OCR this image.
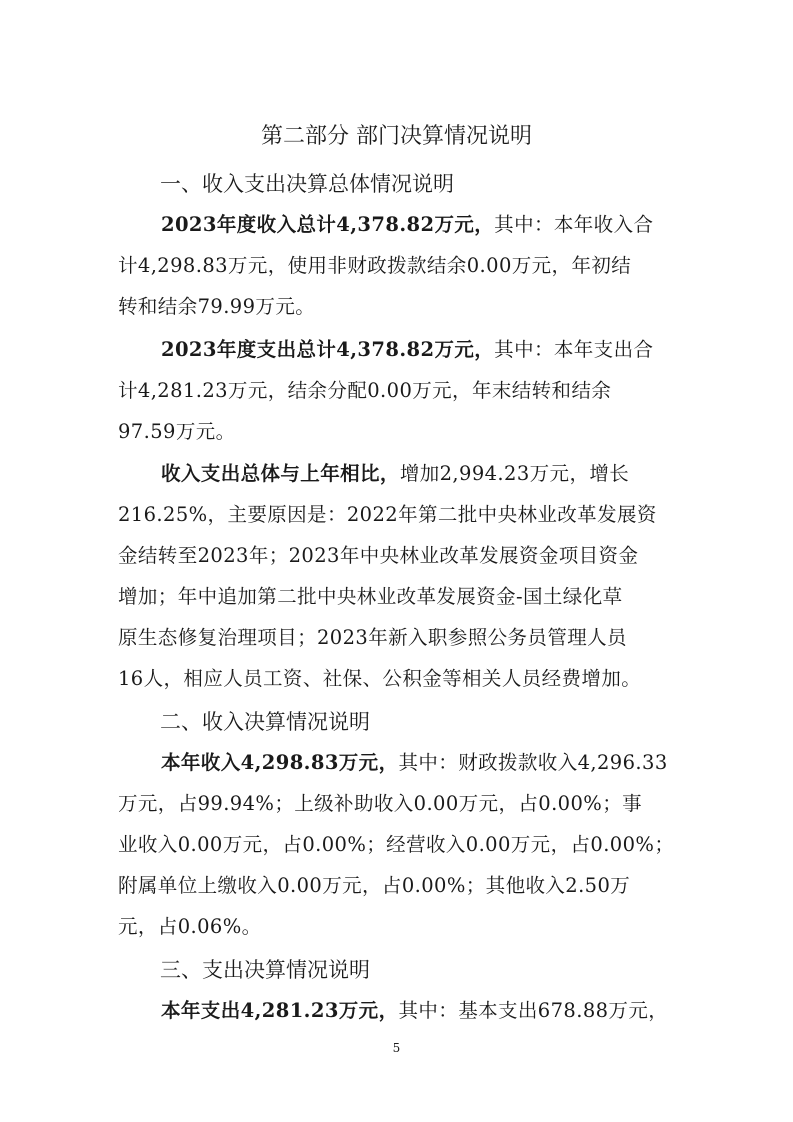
第二部分 部门决算情况说明
一、收入支出决算总体情况说明
2023年度收入总计4,378.82万元，其中：本年收入合
计4,298.83万元，使用非财政拨款结余0.00万元，年初结
转和结余79.99万元。
2023年度支出总计4,378.82万元，其中：本年支出合
计4,281.23万元，结余分配0.00万元，年末结转和结余
97.59万元。
收入支出总体与上年相比，增加2,994.23万元，增长
216.25%，主要原因是：2022年第二批中央林业改革发展资
金结转至2023年；2023年中央林业改革发展资金项目资金
增加；年中追加第二批中央林业改革发展资金-国土绿化草
原生态修复治理项目；2023年新入职参照公务员管理人员
16人，相应人员工资、社保、公积金等相关人员经费增加。
二、收入决算情况说明
本年收入4,298.83万元，其中：财政拨款收入4,296.33
万元，占99.94%；上级补助收入0.00万元，占0.00%；事
业收入0.00万元，占0.00%；经营收入0.00万元，占0.00%；
附属单位上缴收入0.00万元，占0.00%；其他收入2.50万
元，占0.06%。
三、支出决算情况说明
本年支出4,281.23万元，其中：基本支出678.88万元，
5
